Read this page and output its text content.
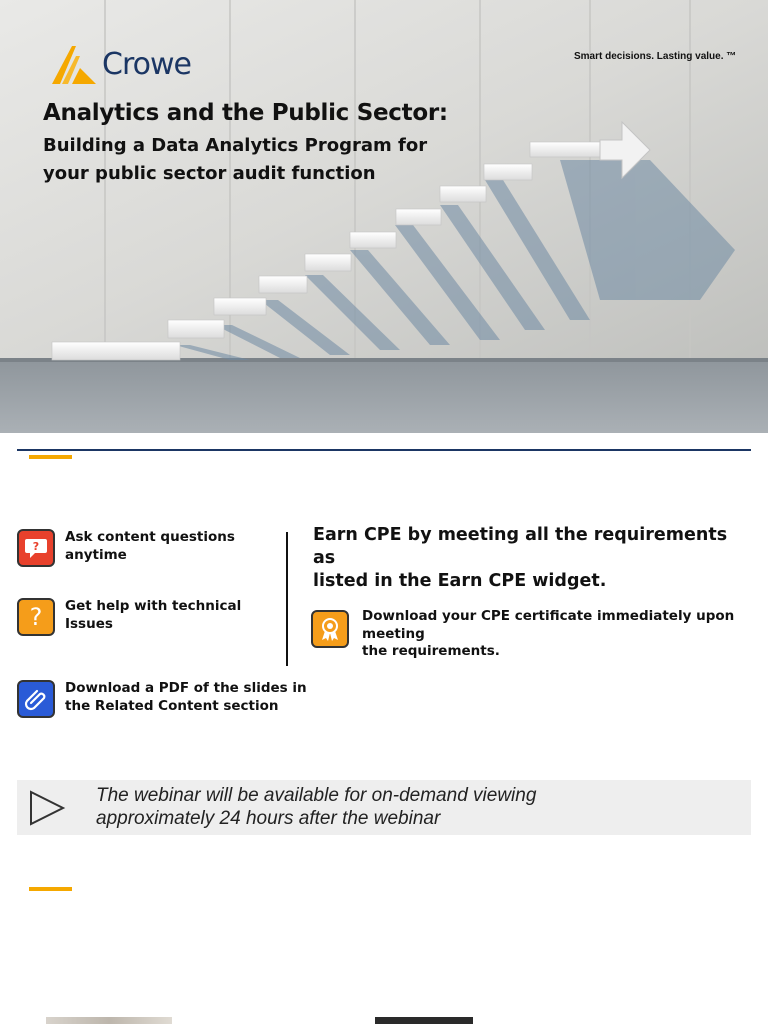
Crowe	Smart decisions. Lasting value. ™
Analytics and the Public Sector:
Building a Data Analytics Program for
your public sector audit function
?
Ask content questions
anytime
? Get help with technical
Issues
Download a PDF of the slides in
the Related Content section
Earn CPE by meeting all the requirements as
listed in the Earn CPE widget.
Download your CPE certificate immediately upon meeting
the requirements.
The webinar will be available for on-demand viewing
approximately 24 hours after the webinar
